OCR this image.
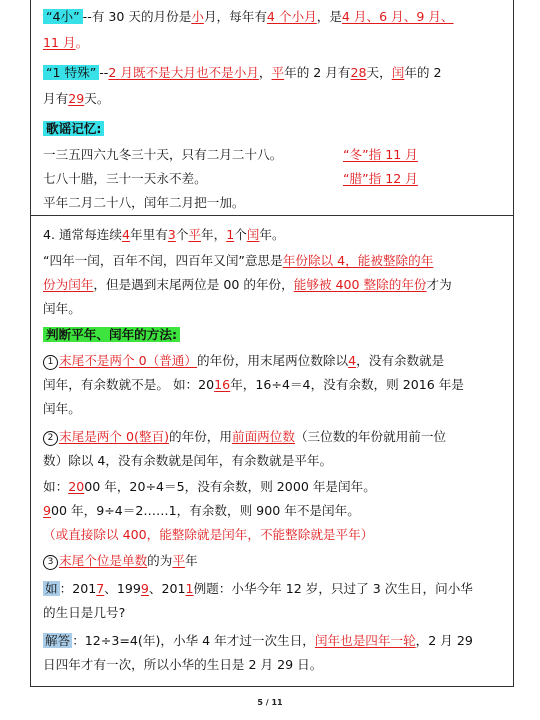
“4小” --有 30 天的月份是小月，每年有4 个小月，是4 月、6 月、9 月、
11 月。
“1 特殊” --2 月既不是大月也不是小月，平年的 2 月有28天，闰年的 2
月有29天。
歌谣记忆:
一三五四六九冬三十天，只有二月二十八。	“冬”指 11 月
七八十腊，三十一天永不差。	“腊”指 12 月
平年二月二十八，闰年二月把一加。
4. 通常每连续4年里有3个平年，1个闰年。
“四年一闰，百年不闰，四百年又闰”意思是年份除以 4，能被整除的年
份为闰年，但是遇到末尾两位是 00 的年份，能够被 400 整除的年份才为
闰年。
判断平年、闰年的方法:
1 末尾不是两个 0（普通）的年份，用末尾两位数除以4，没有余数就是
闰年，有余数就不是。 如：2016年，16÷4＝4，没有余数，则 2016 年是
闰年。
2 末尾是两个 0(整百)的年份，用前面两位数（三位数的年份就用前一位
数）除以 4，没有余数就是闰年，有余数就是平年。
如：2000 年，20÷4＝5，没有余数，则 2000 年是闰年。
900 年，9÷4＝2……1，有余数，则 900 年不是闰年。
（或直接除以 400，能整除就是闰年，不能整除就是平年）
3 末尾个位是单数的为平年
如 ：2017、1999、2011例题：小华今年 12 岁，只过了 3 次生日，问小华
的生日是几号?
解答 ：12÷3=4(年)，小华 4 年才过一次生日，闰年也是四年一轮，2 月 29
日四年才有一次，所以小华的生日是 2 月 29 日。
5 / 11
